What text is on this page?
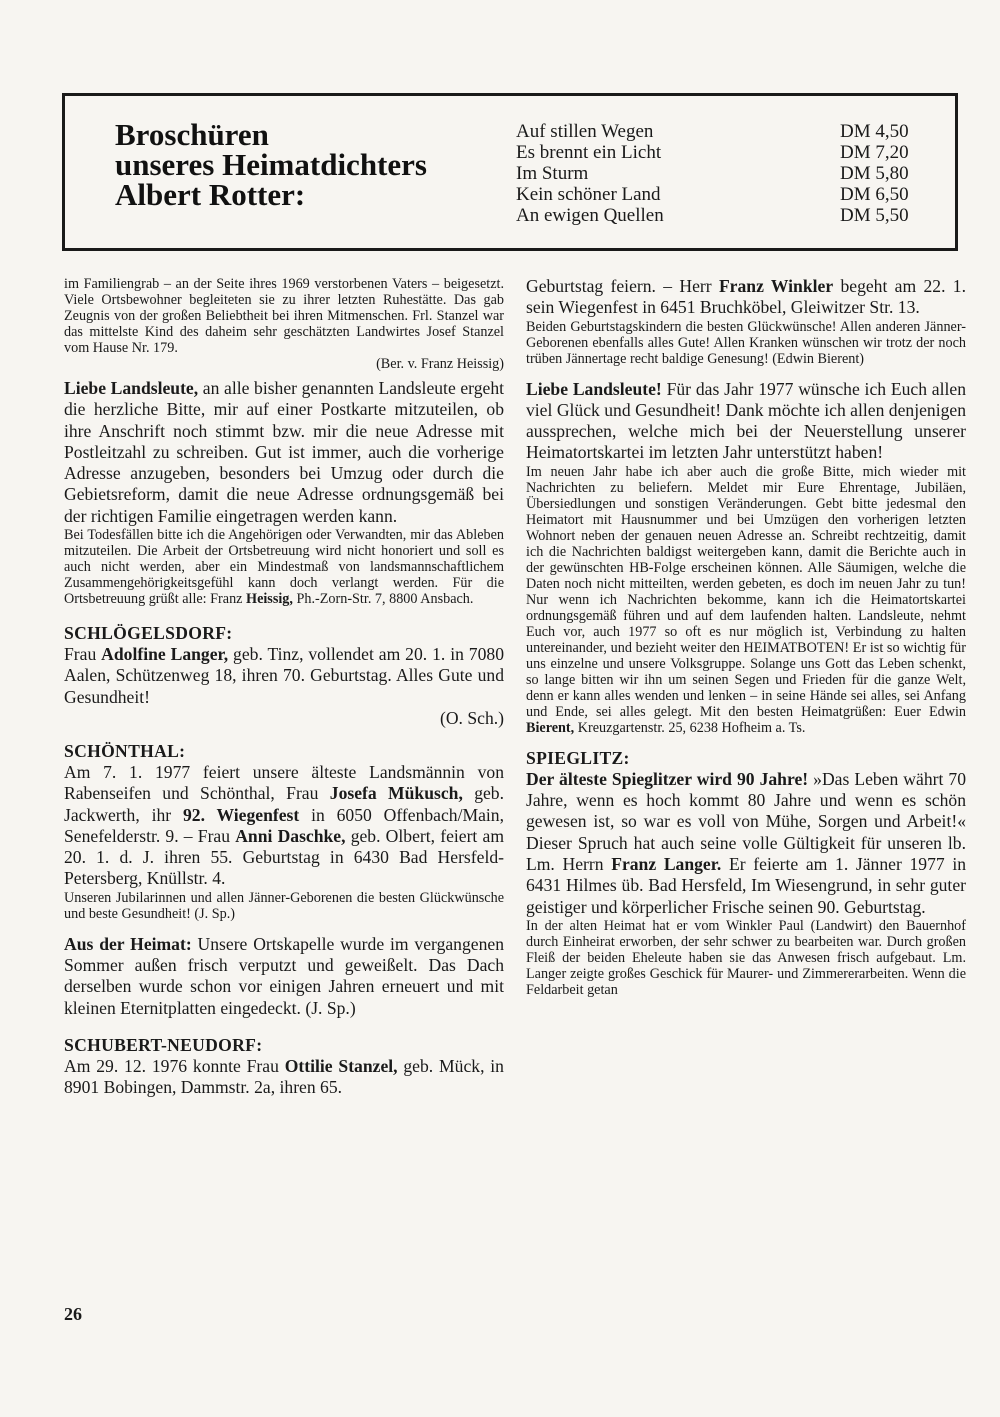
Broschüren
unseres Heimatdichters
Albert Rotter:
Auf stillen Wegen	DM 4,50
Es brennt ein Licht	DM 7,20
Im Sturm	DM 5,80
Kein schöner Land	DM 6,50
An ewigen Quellen	DM 5,50

im Familiengrab – an der Seite ihres 1969 verstorbenen Vaters – beigesetzt. Viele Ortsbewohner begleiteten sie zu ihrer letzten Ruhestätte. Das gab Zeugnis von der großen Beliebtheit bei ihren Mitmenschen. Frl. Stanzel war das mittelste Kind des daheim sehr geschätzten Landwirtes Josef Stanzel vom Hause Nr. 179.

(Ber. v. Franz Heissig)

Liebe Landsleute, an alle bisher genannten Landsleute ergeht die herzliche Bitte, mir auf einer Postkarte mitzuteilen, ob ihre Anschrift noch stimmt bzw. mir die neue Adresse mit Postleitzahl zu schreiben. Gut ist immer, auch die vorherige Adresse anzugeben, besonders bei Umzug oder durch die Gebietsreform, damit die neue Adresse ordnungsgemäß bei der richtigen Familie eingetragen werden kann.

Bei Todesfällen bitte ich die Angehörigen oder Verwandten, mir das Ableben mitzuteilen. Die Arbeit der Ortsbetreuung wird nicht honoriert und soll es auch nicht werden, aber ein Mindestmaß von landsmannschaftlichem Zusammengehörigkeitsgefühl kann doch verlangt werden. Für die Ortsbetreuung grüßt alle: Franz Heissig, Ph.-Zorn-Str. 7, 8800 Ansbach.

SCHLÖGELSDORF:

Frau Adolfine Langer, geb. Tinz, vollendet am 20. 1. in 7080 Aalen, Schützenweg 18, ihren 70. Geburtstag. Alles Gute und Gesundheit!

(O. Sch.)

SCHÖNTHAL:

Am 7. 1. 1977 feiert unsere älteste Landsmännin von Rabenseifen und Schönthal, Frau Josefa Mükusch, geb. Jackwerth, ihr 92. Wiegenfest in 6050 Offenbach/Main, Senefelderstr. 9. – Frau Anni Daschke, geb. Olbert, feiert am 20. 1. d. J. ihren 55. Geburtstag in 6430 Bad Hersfeld-Petersberg, Knüllstr. 4.

Unseren Jubilarinnen und allen Jänner-Geborenen die besten Glückwünsche und beste Gesundheit! (J. Sp.)

Aus der Heimat: Unsere Ortskapelle wurde im vergangenen Sommer außen frisch verputzt und geweißelt. Das Dach derselben wurde schon vor einigen Jahren erneuert und mit kleinen Eternitplatten eingedeckt. (J. Sp.)

SCHUBERT-NEUDORF:

Am 29. 12. 1976 konnte Frau Ottilie Stanzel, geb. Mück, in 8901 Bobingen, Dammstr. 2a, ihren 65.

Geburtstag feiern. – Herr Franz Winkler begeht am 22. 1. sein Wiegenfest in 6451 Bruchköbel, Gleiwitzer Str. 13.

Beiden Geburtstagskindern die besten Glückwünsche! Allen anderen Jänner-Geborenen ebenfalls alles Gute! Allen Kranken wünschen wir trotz der noch trüben Jännertage recht baldige Genesung! (Edwin Bierent)

Liebe Landsleute! Für das Jahr 1977 wünsche ich Euch allen viel Glück und Gesundheit! Dank möchte ich allen denjenigen aussprechen, welche mich bei der Neuerstellung unserer Heimatortskartei im letzten Jahr unterstützt haben!

Im neuen Jahr habe ich aber auch die große Bitte, mich wieder mit Nachrichten zu beliefern. Meldet mir Eure Ehrentage, Jubiläen, Übersiedlungen und sonstigen Veränderungen. Gebt bitte jedesmal den Heimatort mit Hausnummer und bei Umzügen den vorherigen letzten Wohnort neben der genauen neuen Adresse an. Schreibt rechtzeitig, damit ich die Nachrichten baldigst weitergeben kann, damit die Berichte auch in der gewünschten HB-Folge erscheinen können. Alle Säumigen, welche die Daten noch nicht mitteilten, werden gebeten, es doch im neuen Jahr zu tun! Nur wenn ich Nachrichten bekomme, kann ich die Heimatortskartei ordnungsgemäß führen und auf dem laufenden halten. Landsleute, nehmt Euch vor, auch 1977 so oft es nur möglich ist, Verbindung zu halten untereinander, und bezieht weiter den HEIMATBOTEN! Er ist so wichtig für uns einzelne und unsere Volksgruppe. Solange uns Gott das Leben schenkt, so lange bitten wir ihn um seinen Segen und Frieden für die ganze Welt, denn er kann alles wenden und lenken – in seine Hände sei alles, sei Anfang und Ende, sei alles gelegt. Mit den besten Heimatgrüßen: Euer Edwin Bierent, Kreuzgartenstr. 25, 6238 Hofheim a. Ts.

SPIEGLITZ:

Der älteste Spieglitzer wird 90 Jahre! »Das Leben währt 70 Jahre, wenn es hoch kommt 80 Jahre und wenn es schön gewesen ist, so war es voll von Mühe, Sorgen und Arbeit!« Dieser Spruch hat auch seine volle Gültigkeit für unseren lb. Lm. Herrn Franz Langer. Er feierte am 1. Jänner 1977 in 6431 Hilmes üb. Bad Hersfeld, Im Wiesengrund, in sehr guter geistiger und körperlicher Frische seinen 90. Geburtstag.

In der alten Heimat hat er vom Winkler Paul (Landwirt) den Bauernhof durch Einheirat erworben, der sehr schwer zu bearbeiten war. Durch großen Fleiß der beiden Eheleute haben sie das Anwesen frisch aufgebaut. Lm. Langer zeigte großes Geschick für Maurer- und Zimmererarbeiten. Wenn die Feldarbeit getan

26
